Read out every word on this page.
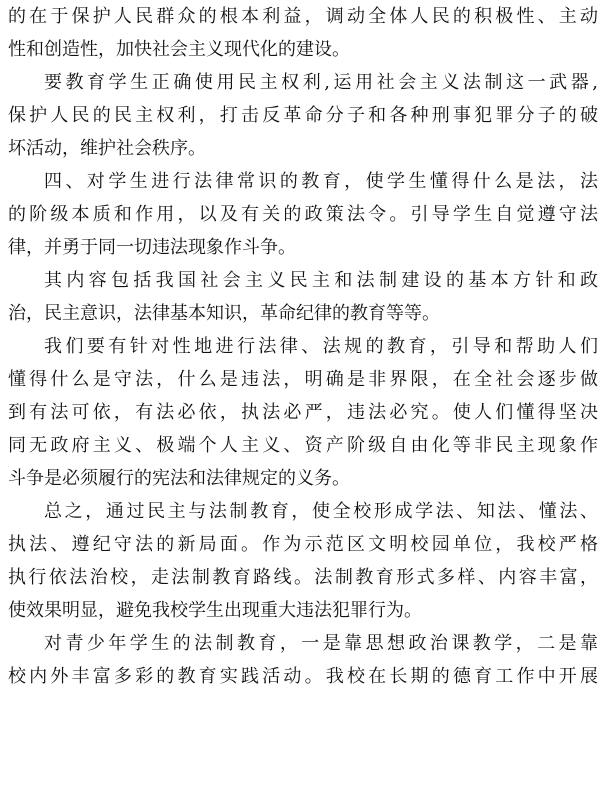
的在于保护人民群众的根本利益，调动全体人民的积极性、主动
性和创造性，加快社会主义现代化的建设。
要教育学生正确使用民主权利,运用社会主义法制这一武器,
保护人民的民主权利，打击反革命分子和各种刑事犯罪分子的破
坏活动，维护社会秩序。
四、对学生进行法律常识的教育，使学生懂得什么是法，法
的阶级本质和作用，以及有关的政策法令。引导学生自觉遵守法
律，并勇于同一切违法现象作斗争。
其内容包括我国社会主义民主和法制建设的基本方针和政
治，民主意识，法律基本知识，革命纪律的教育等等。
我们要有针对性地进行法律、法规的教育，引导和帮助人们
懂得什么是守法，什么是违法，明确是非界限，在全社会逐步做
到有法可依，有法必依，执法必严，违法必究。使人们懂得坚决
同无政府主义、极端个人主义、资产阶级自由化等非民主现象作
斗争是必须履行的宪法和法律规定的义务。
总之，通过民主与法制教育，使全校形成学法、知法、懂法、
执法、遵纪守法的新局面。作为示范区文明校园单位，我校严格
执行依法治校，走法制教育路线。法制教育形式多样、内容丰富，
使效果明显，避免我校学生出现重大违法犯罪行为。
对青少年学生的法制教育，一是靠思想政治课教学，二是靠
校内外丰富多彩的教育实践活动。我校在长期的德育工作中开展
